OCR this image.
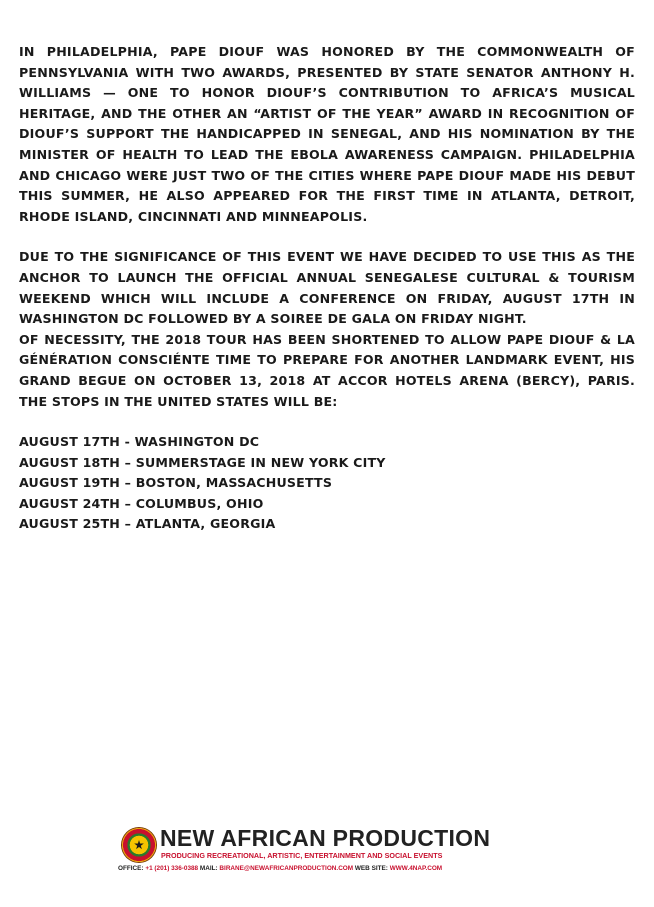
IN PHILADELPHIA, PAPE DIOUF WAS HONORED BY THE COMMONWEALTH OF PENNSYLVANIA WITH TWO AWARDS, PRESENTED BY STATE SENATOR ANTHONY H. WILLIAMS — ONE TO HONOR DIOUF’S CONTRIBUTION TO AFRICA’S MUSICAL HERITAGE, AND THE OTHER AN “ARTIST OF THE YEAR” AWARD IN RECOGNITION OF DIOUF’S SUPPORT THE HANDICAPPED IN SENEGAL, AND HIS NOMINATION BY THE MINISTER OF HEALTH TO LEAD THE EBOLA AWARENESS CAMPAIGN. PHILADELPHIA AND CHICAGO WERE JUST TWO OF THE CITIES WHERE PAPE DIOUF MADE HIS DEBUT THIS SUMMER, HE ALSO APPEARED FOR THE FIRST TIME IN ATLANTA, DETROIT, RHODE ISLAND, CINCINNATI AND MINNEAPOLIS.

DUE TO THE SIGNIFICANCE OF THIS EVENT WE HAVE DECIDED TO USE THIS AS THE ANCHOR TO LAUNCH THE OFFICIAL ANNUAL SENEGALESE CULTURAL & TOURISM WEEKEND WHICH WILL INCLUDE A CONFERENCE ON FRIDAY, AUGUST 17TH IN WASHINGTON DC FOLLOWED BY A SOIREE DE GALA ON FRIDAY NIGHT.

OF NECESSITY, THE 2018 TOUR HAS BEEN SHORTENED TO ALLOW PAPE DIOUF & LA GÉNÉRATION CONSCIÉNTE TIME TO PREPARE FOR ANOTHER LANDMARK EVENT, HIS GRAND BEGUE ON OCTOBER 13, 2018 AT ACCOR HOTELS ARENA (BERCY), PARIS. THE STOPS IN THE UNITED STATES WILL BE:

AUGUST 17TH - WASHINGTON DC
AUGUST 18TH – SUMMERSTAGE IN NEW YORK CITY
AUGUST 19TH – BOSTON, MASSACHUSETTS
AUGUST 24TH – COLUMBUS, OHIO
AUGUST 25TH – ATLANTA, GEORGIA
NEW AFRICAN PRODUCTION
PRODUCING RECREATIONAL, ARTISTIC, ENTERTAINMENT AND SOCIAL EVENTS
OFFICE: +1 (201) 336-0388 MAIL: BIRANE@NEWAFRICANPRODUCTION.COM WEB SITE: WWW.4NAP.COM
